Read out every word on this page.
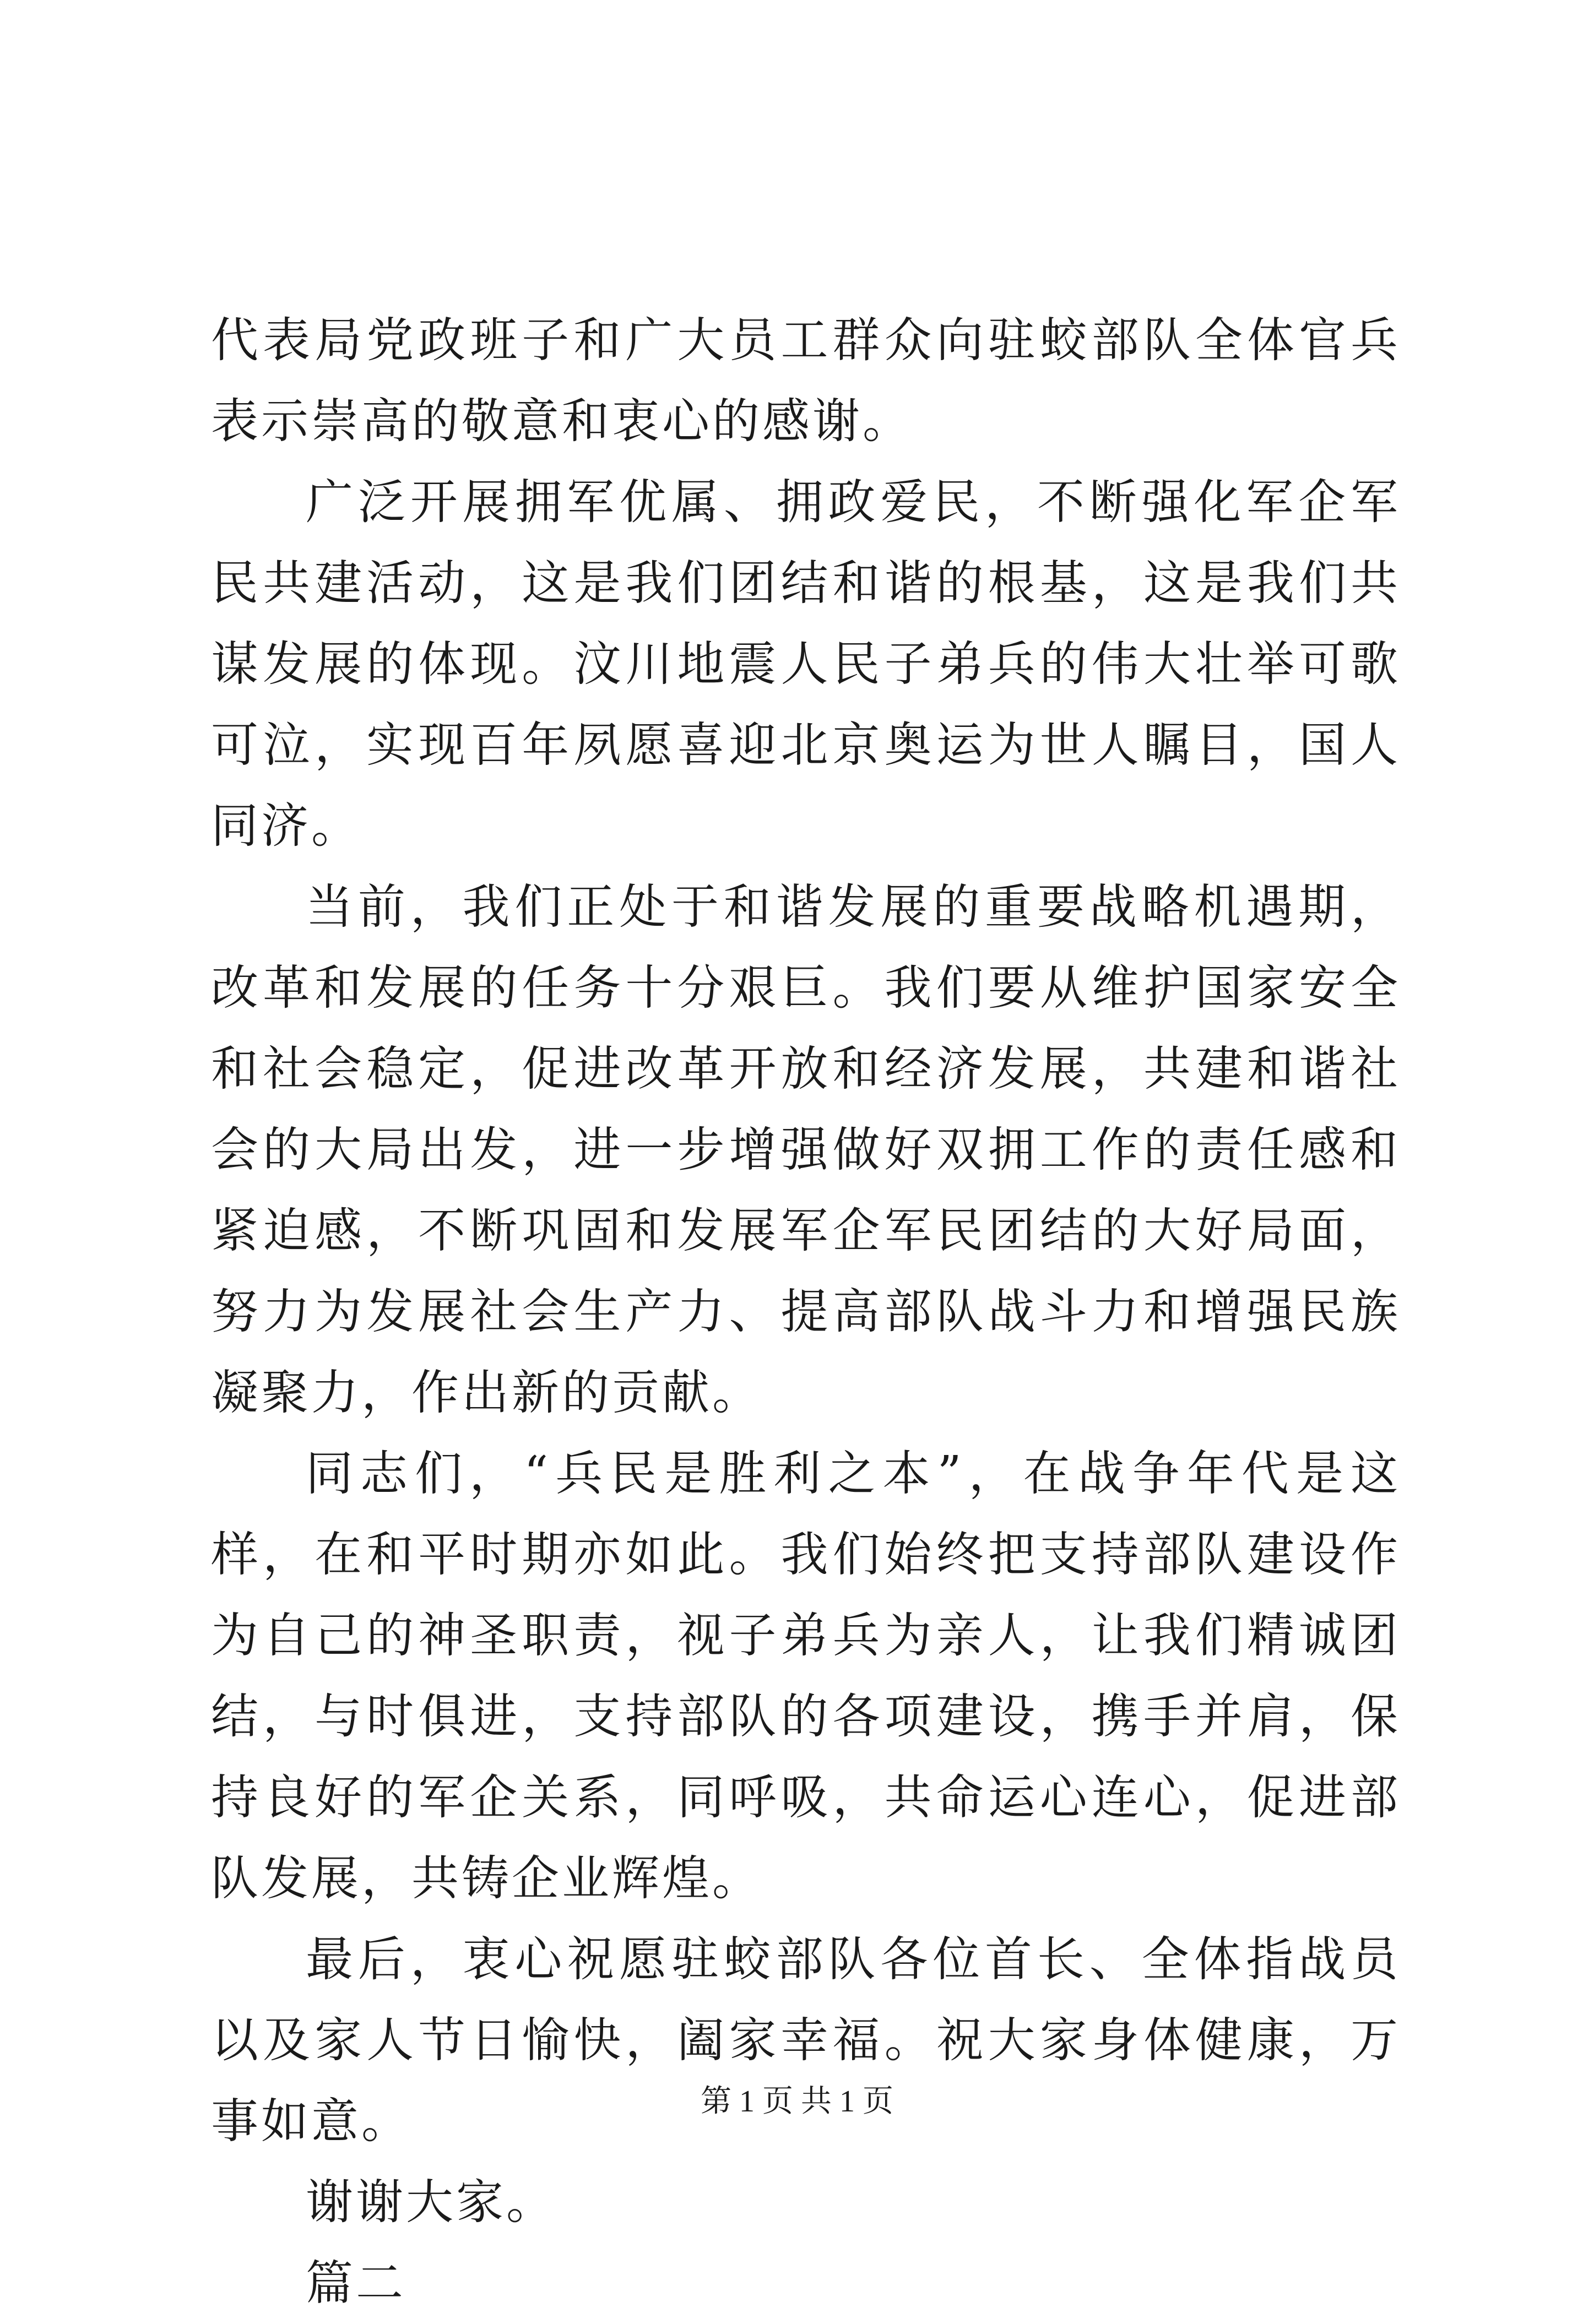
代表局党政班子和广大员工群众向驻蛟部队全体官兵表示崇高的敬意和衷心的感谢。

广泛开展拥军优属、拥政爱民，不断强化军企军民共建活动，这是我们团结和谐的根基，这是我们共谋发展的体现。汶川地震人民子弟兵的伟大壮举可歌可泣，实现百年夙愿喜迎北京奥运为世人瞩目，国人同济。

当前，我们正处于和谐发展的重要战略机遇期，改革和发展的任务十分艰巨。我们要从维护国家安全和社会稳定，促进改革开放和经济发展，共建和谐社会的大局出发，进一步增强做好双拥工作的责任感和紧迫感，不断巩固和发展军企军民团结的大好局面，努力为发展社会生产力、提高部队战斗力和增强民族凝聚力，作出新的贡献。

同志们，“兵民是胜利之本”，在战争年代是这样，在和平时期亦如此。我们始终把支持部队建设作为自己的神圣职责，视子弟兵为亲人，让我们精诚团结，与时俱进，支持部队的各项建设，携手并肩，保持良好的军企关系，同呼吸，共命运心连心，促进部队发展，共铸企业辉煌。

最后，衷心祝愿驻蛟部队各位首长、全体指战员以及家人节日愉快，阖家幸福。祝大家身体健康，万事如意。

谢谢大家。

篇二

第 1 页 共 1 页
